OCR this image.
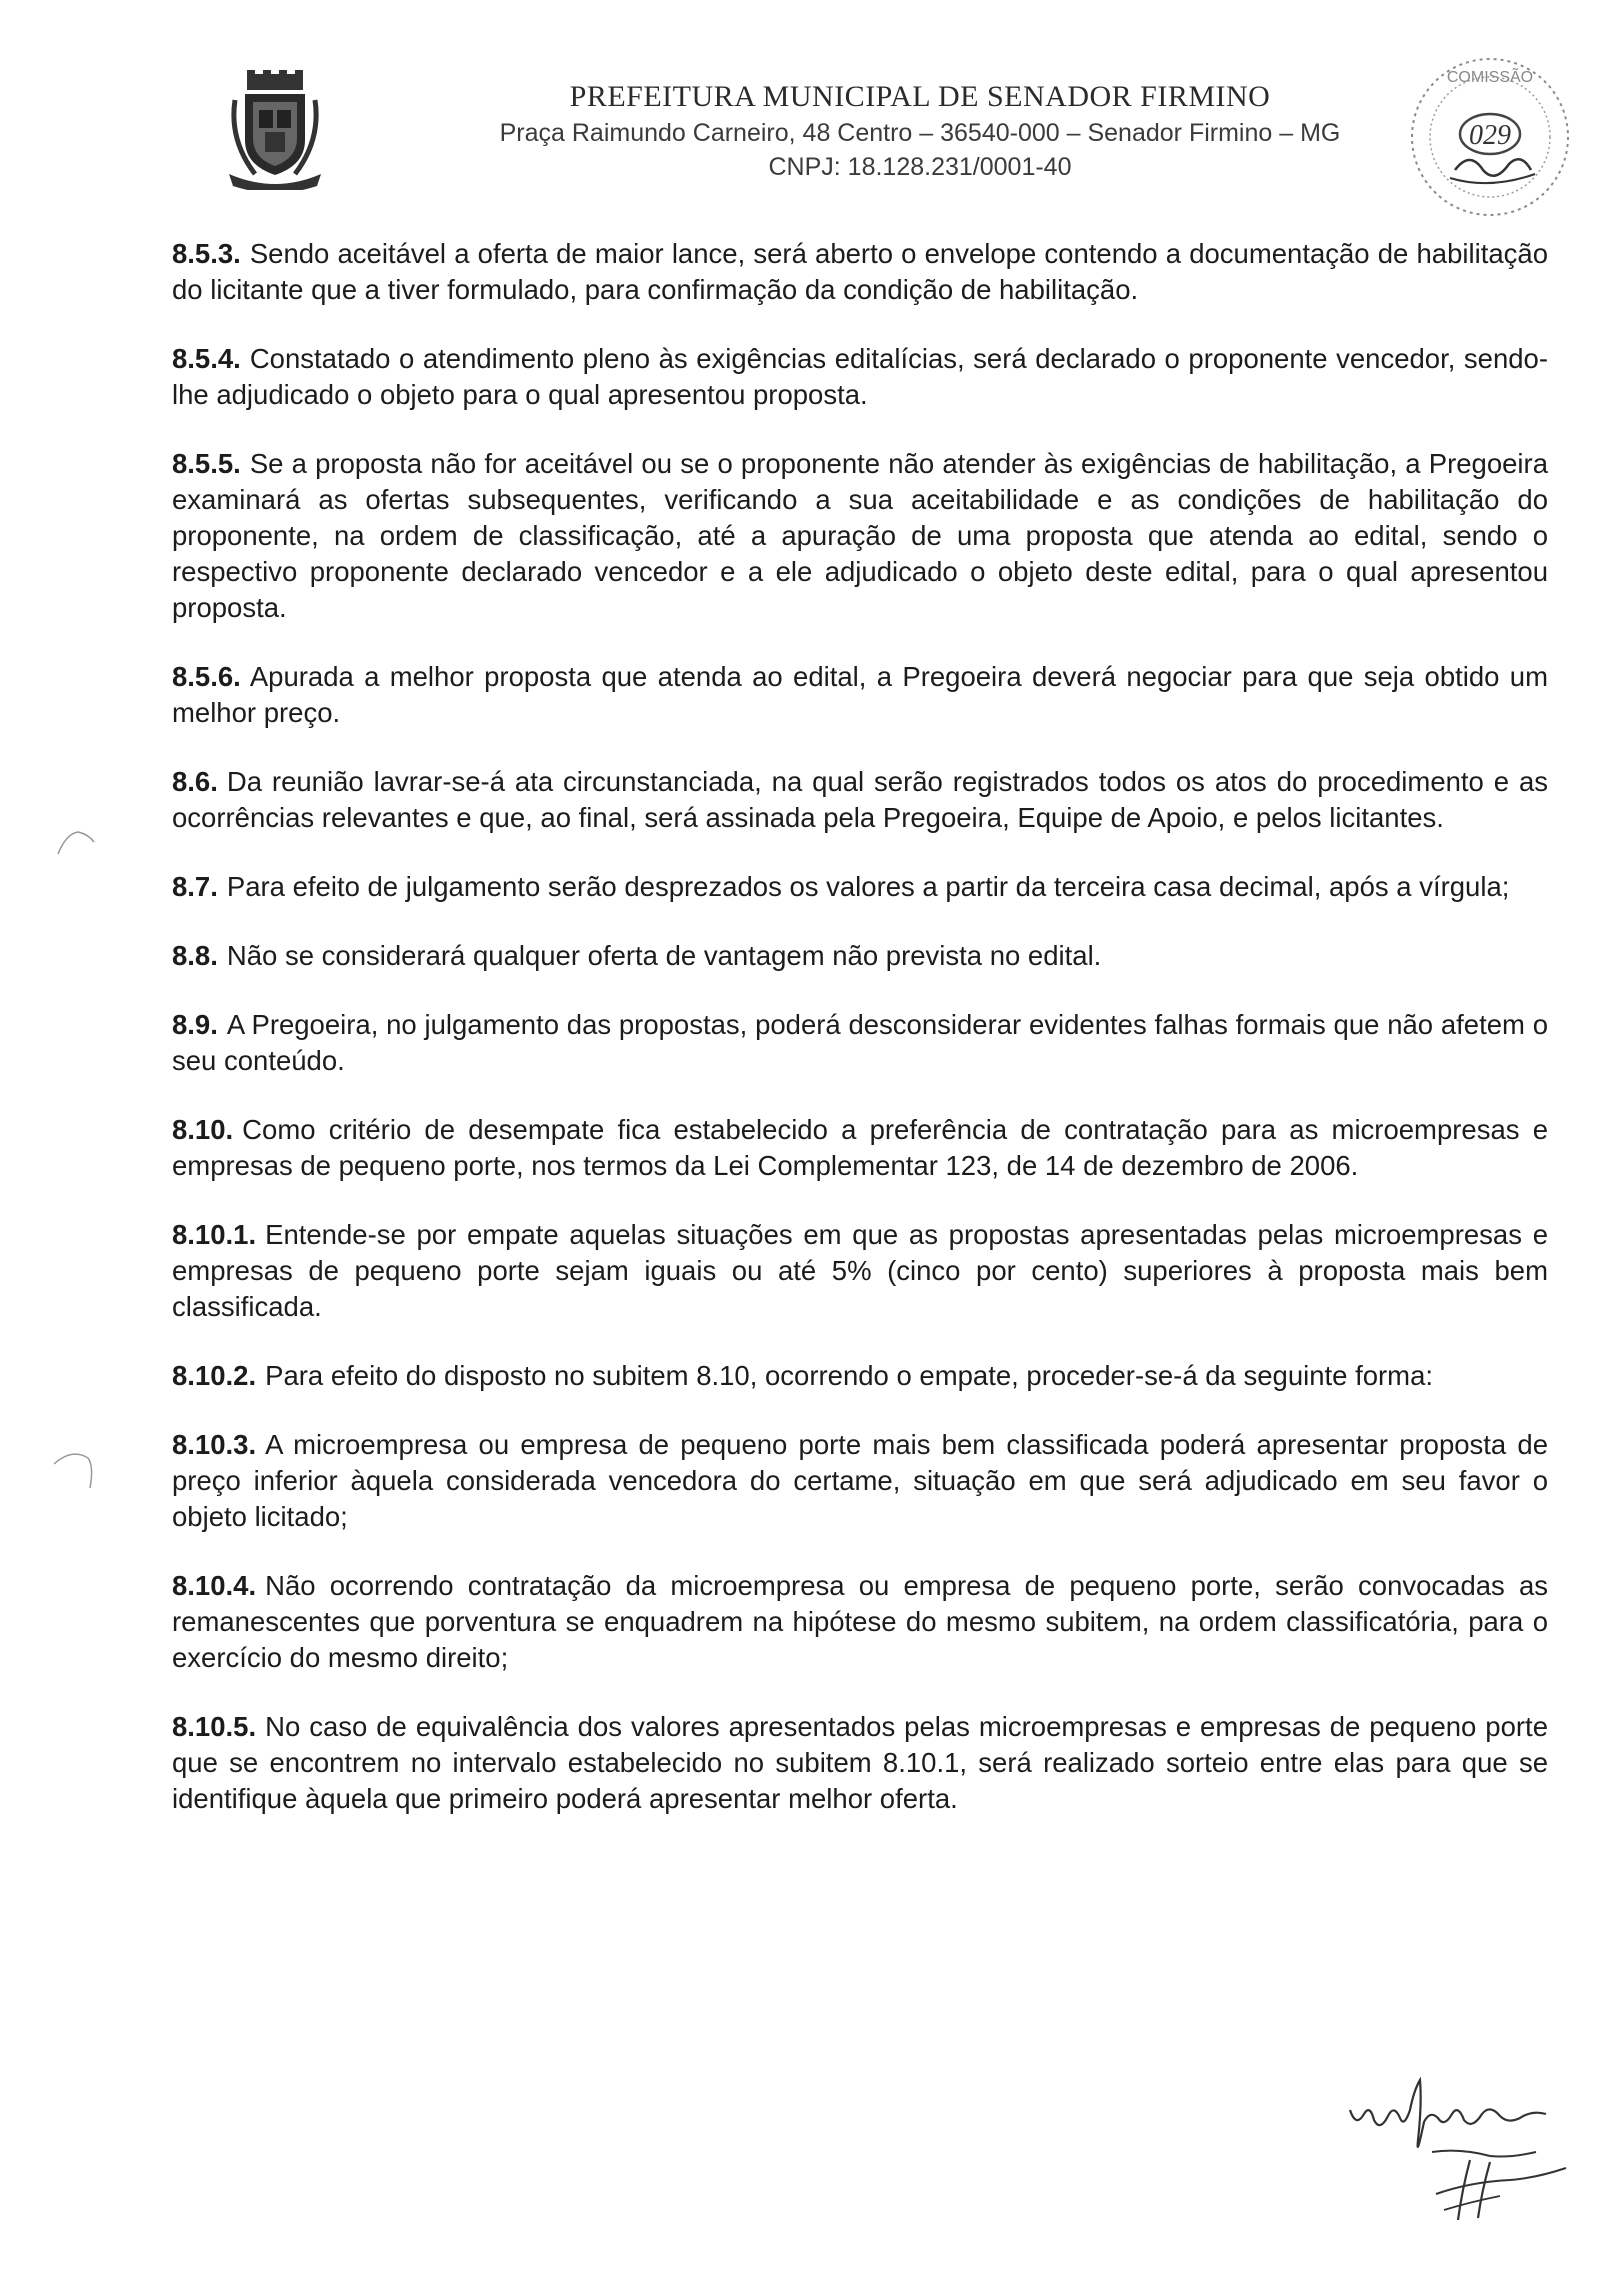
PREFEITURA MUNICIPAL DE SENADOR FIRMINO
Praça Raimundo Carneiro, 48 Centro – 36540-000 – Senador Firmino – MG
CNPJ: 18.128.231/0001-40
COMISSÃO
029

8.5.3. Sendo aceitável a oferta de maior lance, será aberto o envelope contendo a documentação de habilitação do licitante que a tiver formulado, para confirmação da condição de habilitação.

8.5.4. Constatado o atendimento pleno às exigências editalícias, será declarado o proponente vencedor, sendo-lhe adjudicado o objeto para o qual apresentou proposta.

8.5.5. Se a proposta não for aceitável ou se o proponente não atender às exigências de habilitação, a Pregoeira examinará as ofertas subsequentes, verificando a sua aceitabilidade e as condições de habilitação do proponente, na ordem de classificação, até a apuração de uma proposta que atenda ao edital, sendo o respectivo proponente declarado vencedor e a ele adjudicado o objeto deste edital, para o qual apresentou proposta.

8.5.6. Apurada a melhor proposta que atenda ao edital, a Pregoeira deverá negociar para que seja obtido um melhor preço.

8.6. Da reunião lavrar-se-á ata circunstanciada, na qual serão registrados todos os atos do procedimento e as ocorrências relevantes e que, ao final, será assinada pela Pregoeira, Equipe de Apoio, e pelos licitantes.

8.7. Para efeito de julgamento serão desprezados os valores a partir da terceira casa decimal, após a vírgula;

8.8. Não se considerará qualquer oferta de vantagem não prevista no edital.

8.9. A Pregoeira, no julgamento das propostas, poderá desconsiderar evidentes falhas formais que não afetem o seu conteúdo.

8.10. Como critério de desempate fica estabelecido a preferência de contratação para as microempresas e empresas de pequeno porte, nos termos da Lei Complementar 123, de 14 de dezembro de 2006.

8.10.1. Entende-se por empate aquelas situações em que as propostas apresentadas pelas microempresas e empresas de pequeno porte sejam iguais ou até 5% (cinco por cento) superiores à proposta mais bem classificada.

8.10.2. Para efeito do disposto no subitem 8.10, ocorrendo o empate, proceder-se-á da seguinte forma:

8.10.3. A microempresa ou empresa de pequeno porte mais bem classificada poderá apresentar proposta de preço inferior àquela considerada vencedora do certame, situação em que será adjudicado em seu favor o objeto licitado;

8.10.4. Não ocorrendo contratação da microempresa ou empresa de pequeno porte, serão convocadas as remanescentes que porventura se enquadrem na hipótese do mesmo subitem, na ordem classificatória, para o exercício do mesmo direito;

8.10.5. No caso de equivalência dos valores apresentados pelas microempresas e empresas de pequeno porte que se encontrem no intervalo estabelecido no subitem 8.10.1, será realizado sorteio entre elas para que se identifique àquela que primeiro poderá apresentar melhor oferta.
